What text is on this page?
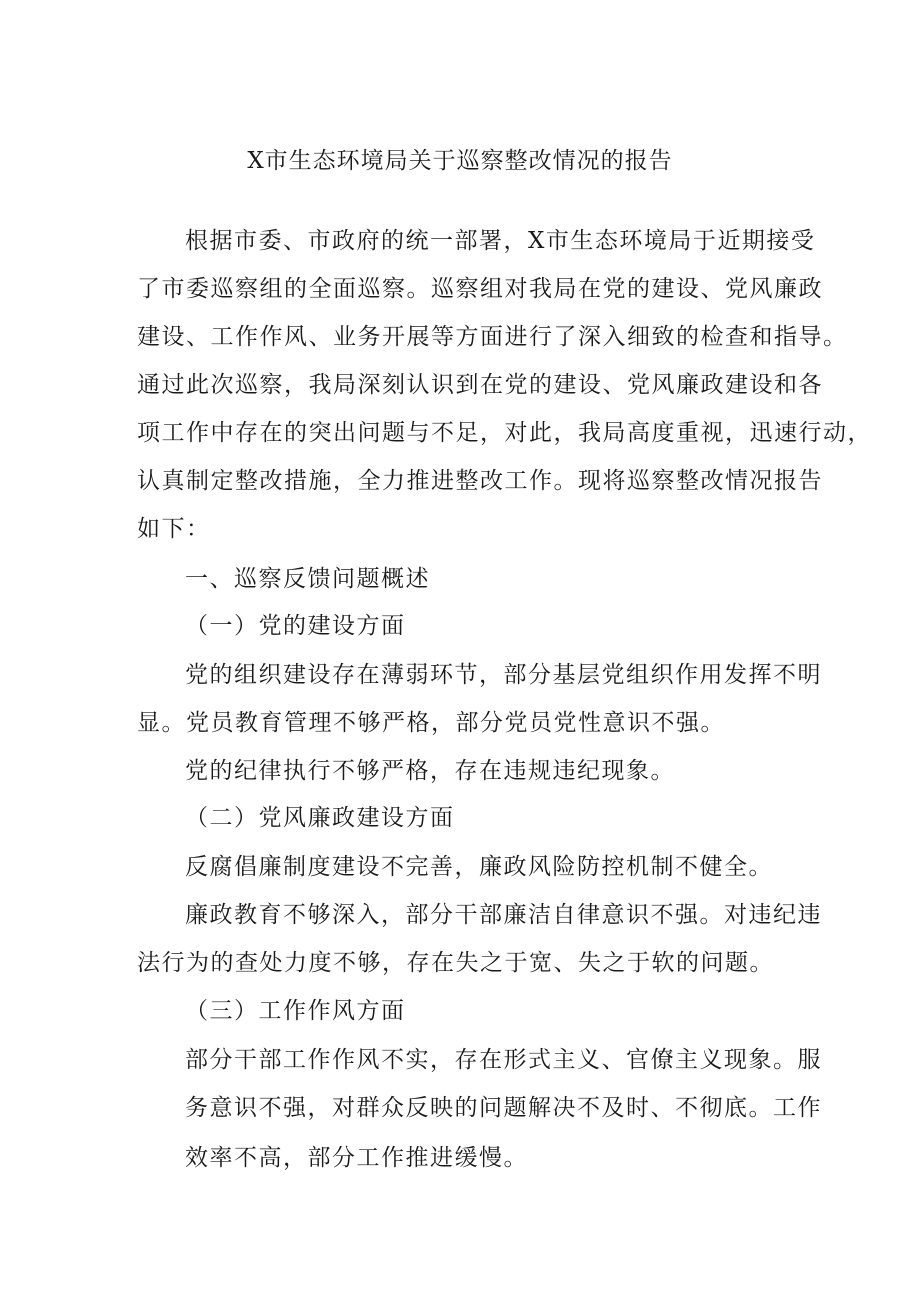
X市生态环境局关于巡察整改情况的报告
根据市委、市政府的统一部署，X市生态环境局于近期接受
了市委巡察组的全面巡察。巡察组对我局在党的建设、党风廉政
建设、工作作风、业务开展等方面进行了深入细致的检查和指导。
通过此次巡察，我局深刻认识到在党的建设、党风廉政建设和各
项工作中存在的突出问题与不足，对此，我局高度重视，迅速行动，
认真制定整改措施，全力推进整改工作。现将巡察整改情况报告
如下：
一、巡察反馈问题概述
（一）党的建设方面
党的组织建设存在薄弱环节，部分基层党组织作用发挥不明
显。党员教育管理不够严格，部分党员党性意识不强。
党的纪律执行不够严格，存在违规违纪现象。
（二）党风廉政建设方面
反腐倡廉制度建设不完善，廉政风险防控机制不健全。
廉政教育不够深入，部分干部廉洁自律意识不强。对违纪违
法行为的查处力度不够，存在失之于宽、失之于软的问题。
（三）工作作风方面
部分干部工作作风不实，存在形式主义、官僚主义现象。服
务意识不强，对群众反映的问题解决不及时、不彻底。工作
效率不高，部分工作推进缓慢。
